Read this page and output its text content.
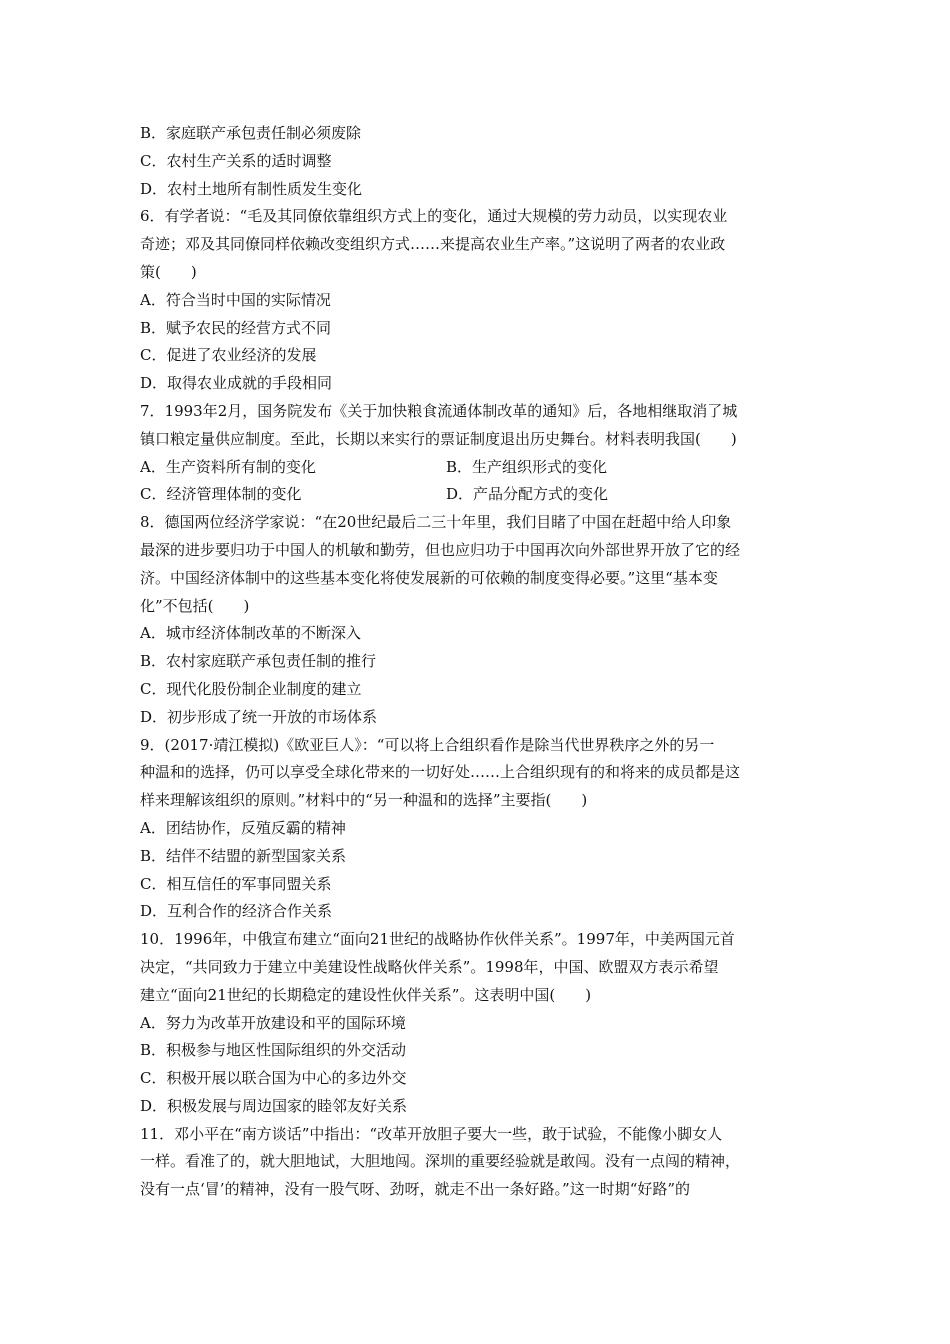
B．家庭联产承包责任制必须废除
C．农村生产关系的适时调整
D．农村土地所有制性质发生变化
6．有学者说：“毛及其同僚依靠组织方式上的变化，通过大规模的劳力动员，以实现农业
奇迹；邓及其同僚同样依赖改变组织方式……来提高农业生产率。”这说明了两者的农业政
策(　　)
A．符合当时中国的实际情况
B．赋予农民的经营方式不同
C．促进了农业经济的发展
D．取得农业成就的手段相同
7．1993年2月，国务院发布《关于加快粮食流通体制改革的通知》后，各地相继取消了城
镇口粮定量供应制度。至此，长期以来实行的票证制度退出历史舞台。材料表明我国(　　)
A．生产资料所有制的变化	B．生产组织形式的变化
C．经济管理体制的变化	D．产品分配方式的变化
8．德国两位经济学家说：“在20世纪最后二三十年里，我们目睹了中国在赶超中给人印象
最深的进步要归功于中国人的机敏和勤劳，但也应归功于中国再次向外部世界开放了它的经
济。中国经济体制中的这些基本变化将使发展新的可依赖的制度变得必要。”这里“基本变
化”不包括(　　)
A．城市经济体制改革的不断深入
B．农村家庭联产承包责任制的推行
C．现代化股份制企业制度的建立
D．初步形成了统一开放的市场体系
9．(2017·靖江模拟)《欧亚巨人》：“可以将上合组织看作是除当代世界秩序之外的另一
种温和的选择，仍可以享受全球化带来的一切好处……上合组织现有的和将来的成员都是这
样来理解该组织的原则。”材料中的“另一种温和的选择”主要指(　　)
A．团结协作，反殖反霸的精神
B．结伴不结盟的新型国家关系
C．相互信任的军事同盟关系
D．互利合作的经济合作关系
10．1996年，中俄宣布建立“面向21世纪的战略协作伙伴关系”。1997年，中美两国元首
决定，“共同致力于建立中美建设性战略伙伴关系”。1998年，中国、欧盟双方表示希望
建立“面向21世纪的长期稳定的建设性伙伴关系”。这表明中国(　　)
A．努力为改革开放建设和平的国际环境
B．积极参与地区性国际组织的外交活动
C．积极开展以联合国为中心的多边外交
D．积极发展与周边国家的睦邻友好关系
11．邓小平在“南方谈话”中指出：“改革开放胆子要大一些，敢于试验，不能像小脚女人
一样。看准了的，就大胆地试，大胆地闯。深圳的重要经验就是敢闯。没有一点闯的精神，
没有一点‘冒’的精神，没有一股气呀、劲呀，就走不出一条好路。”这一时期“好路”的
